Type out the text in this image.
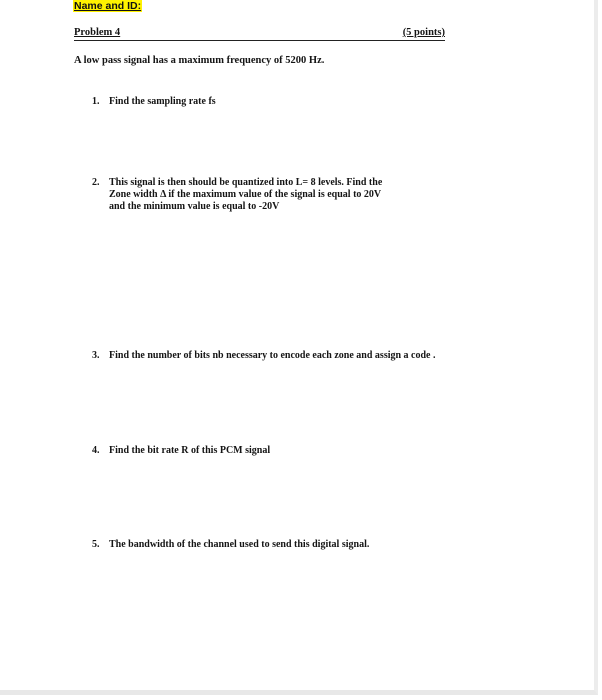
Name and ID:
Problem 4	(5 points)
A low pass signal has a maximum frequency of 5200 Hz.
1. Find the sampling rate fs
2. This signal is then should be quantized into L= 8 levels. Find the
Zone width Δ if the maximum value of the signal is equal to 20V
and the minimum value is equal to -20V
3. Find the number of bits nb necessary to encode each zone and assign a code .
4. Find the bit rate R of this PCM signal
5. The bandwidth of the channel used to send this digital signal.
